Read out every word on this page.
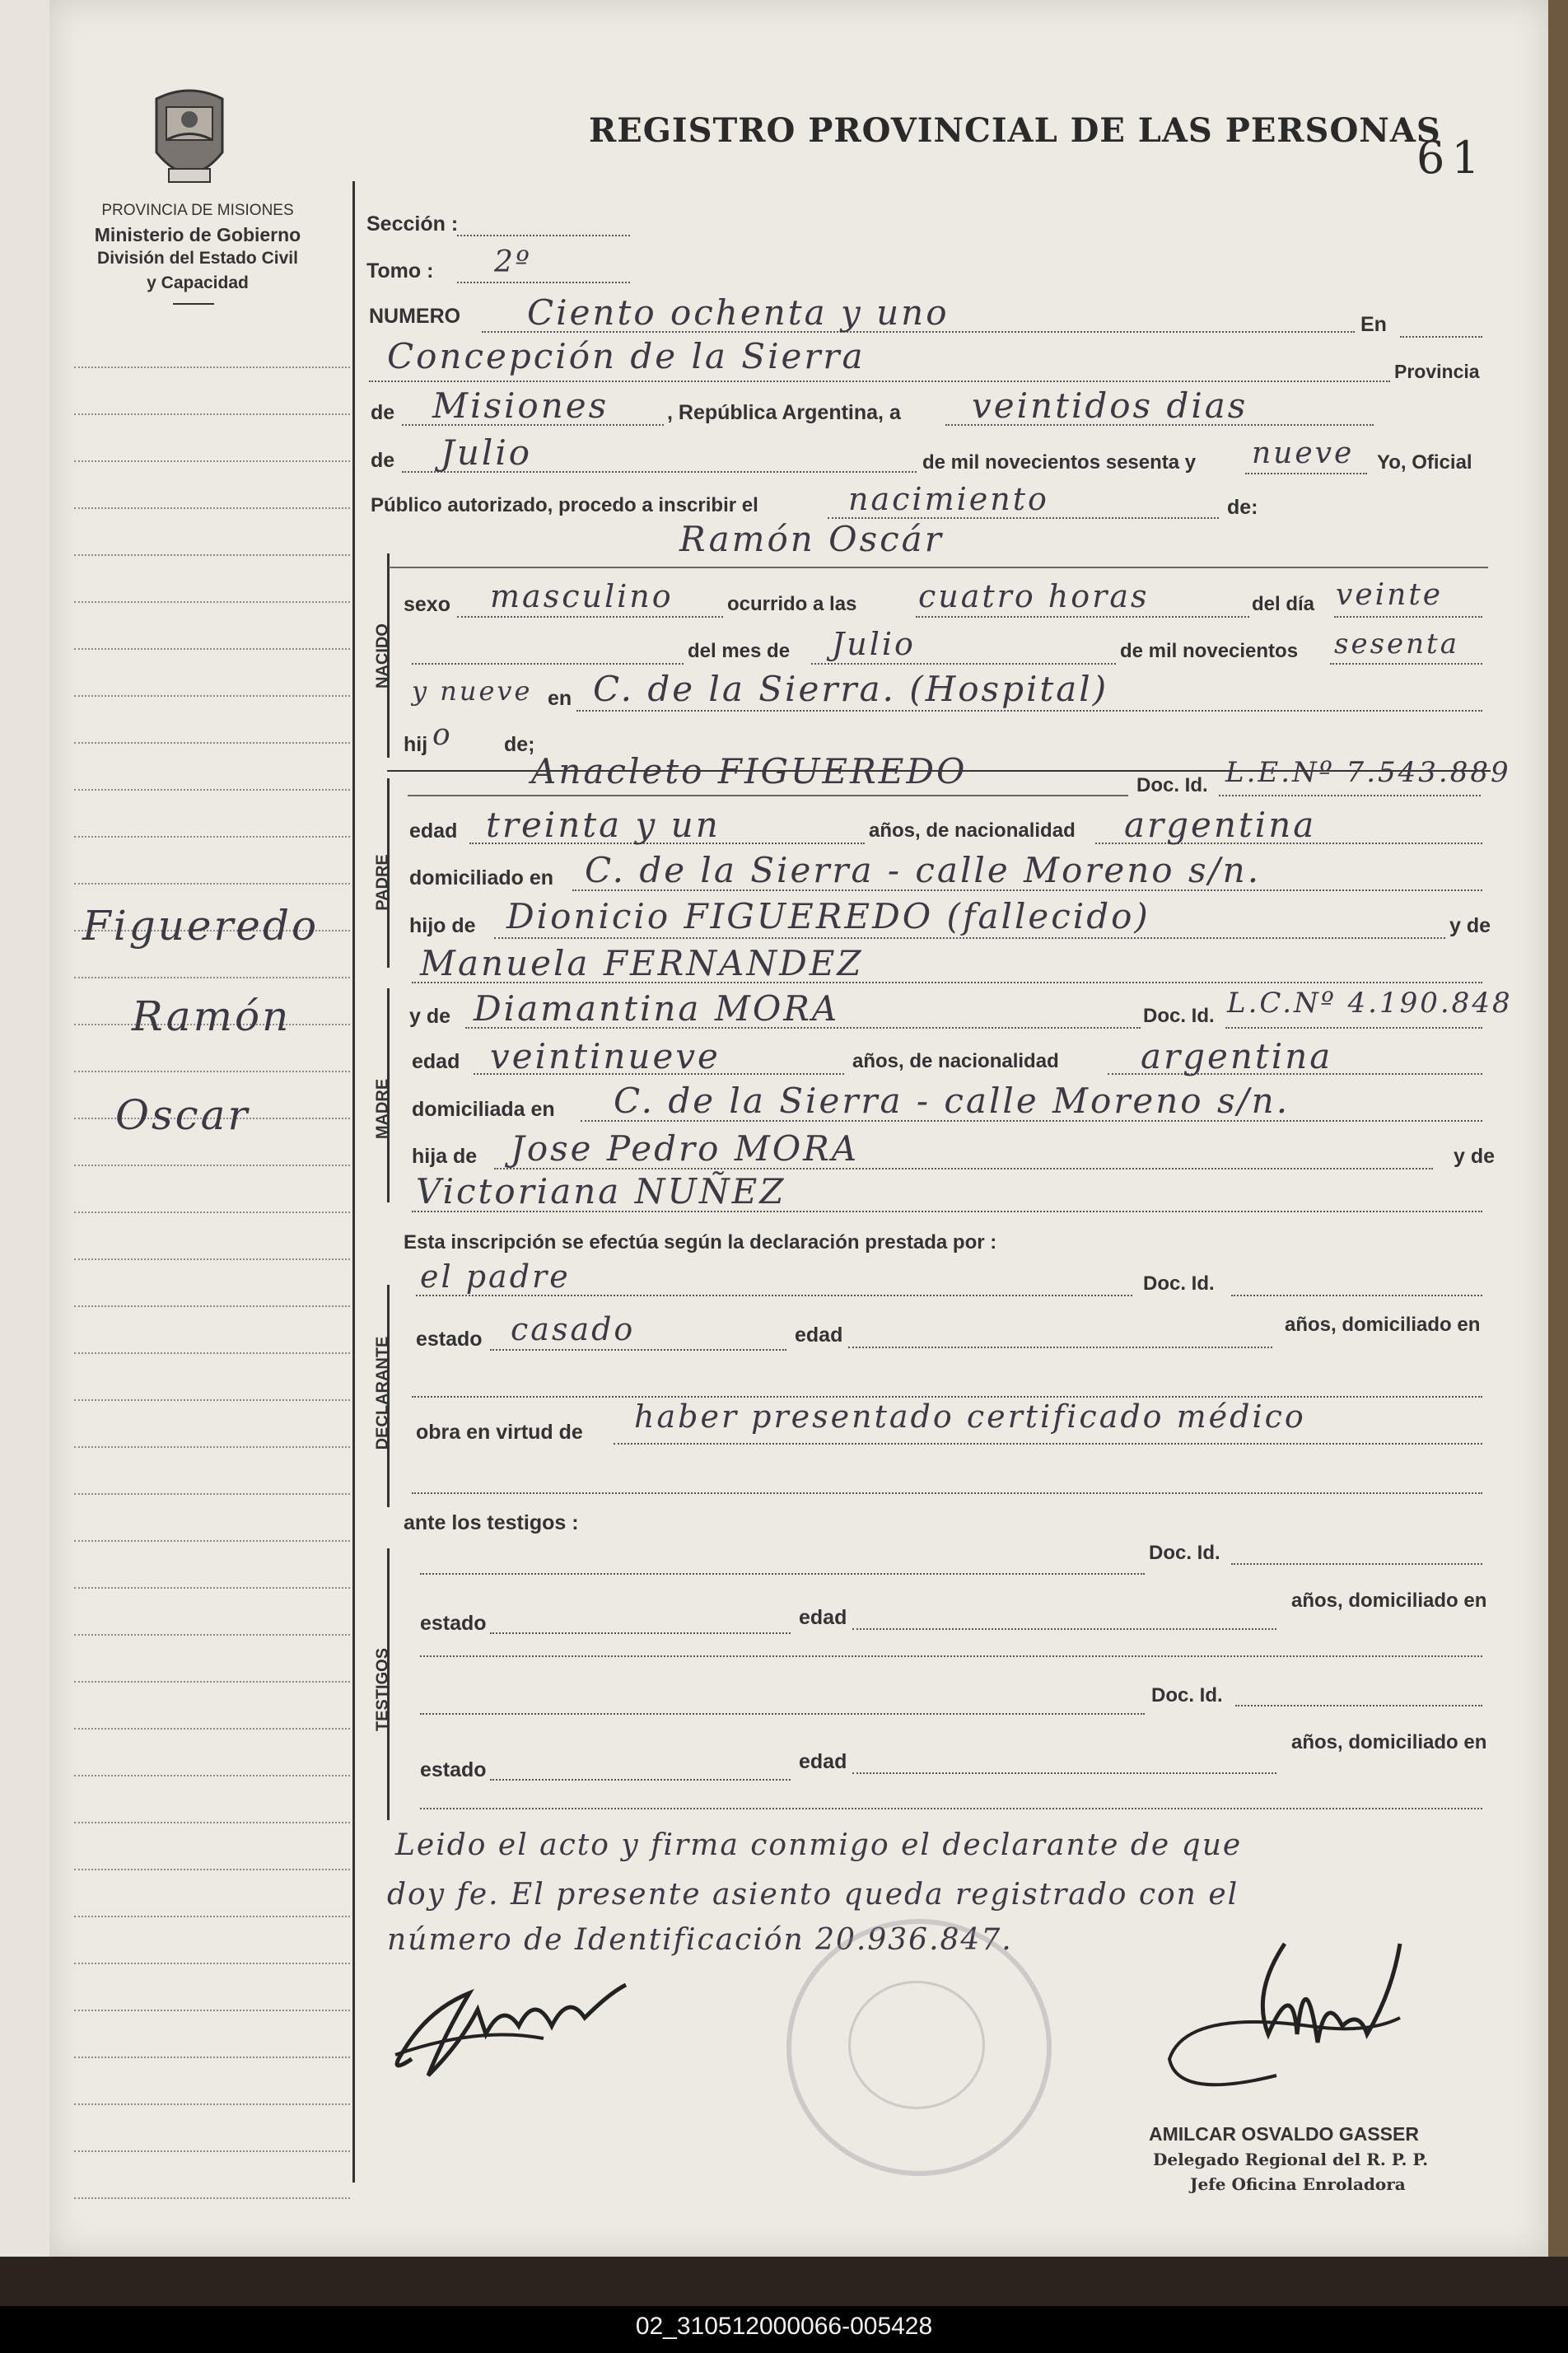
02_310512000066-005428
PROVINCIA DE MISIONES
Ministerio de Gobierno
División del Estado Civil
y Capacidad
Figueredo
Ramón
Oscar
REGISTRO PROVINCIAL DE LAS PERSONAS
61
Sección :
Tomo : 2º
NUMERO Ciento ochenta y uno	En
Concepción de la Sierra	Provincia
de Misiones	, República Argentina, a veintidos dias
de Julio	de mil novecientos sesenta y nueve Yo, Oficial
Público autorizado, procedo a inscribir el	nacimiento	de:
NACIDO
Ramón Oscár
sexo masculino	ocurrido a las cuatro horas	del día veinte
del mes de Julio	de mil novecientos sesenta
y nueve en C. de la Sierra. (Hospital)
hij o de;
PADRE
Anacleto FIGUEREDO	Doc. Id. L.E.Nº 7.543.889
edad treinta y un	años, de nacionalidad argentina
domiciliado en C. de la Sierra - calle Moreno s/n.
hijo de Dionicio FIGUEREDO (fallecido)	y de
Manuela FERNANDEZ
MADRE
y de Diamantina MORA	Doc. Id. L.C.Nº 4.190.848
edad veintinueve	años, de nacionalidad argentina
domiciliada en C. de la Sierra - calle Moreno s/n.
hija de Jose Pedro MORA	y de
Victoriana NUÑEZ
Esta inscripción se efectúa según la declaración prestada por :
DECLARANTE
el padre	Doc. Id.
estado casado	edad	años, domiciliado en
obra en virtud de haber presentado certificado médico
ante los testigos :
TESTIGOS
Doc. Id.
estado	edad
años, domiciliado en
Doc. Id.
estado	edad
años, domiciliado en
Leido el acto y firma conmigo el declarante de que
doy fe. El presente asiento queda registrado con el
número de Identificación 20.936.847.
AMILCAR OSVALDO GASSER
Delegado Regional del R. P. P.
Jefe Oficina Enroladora
